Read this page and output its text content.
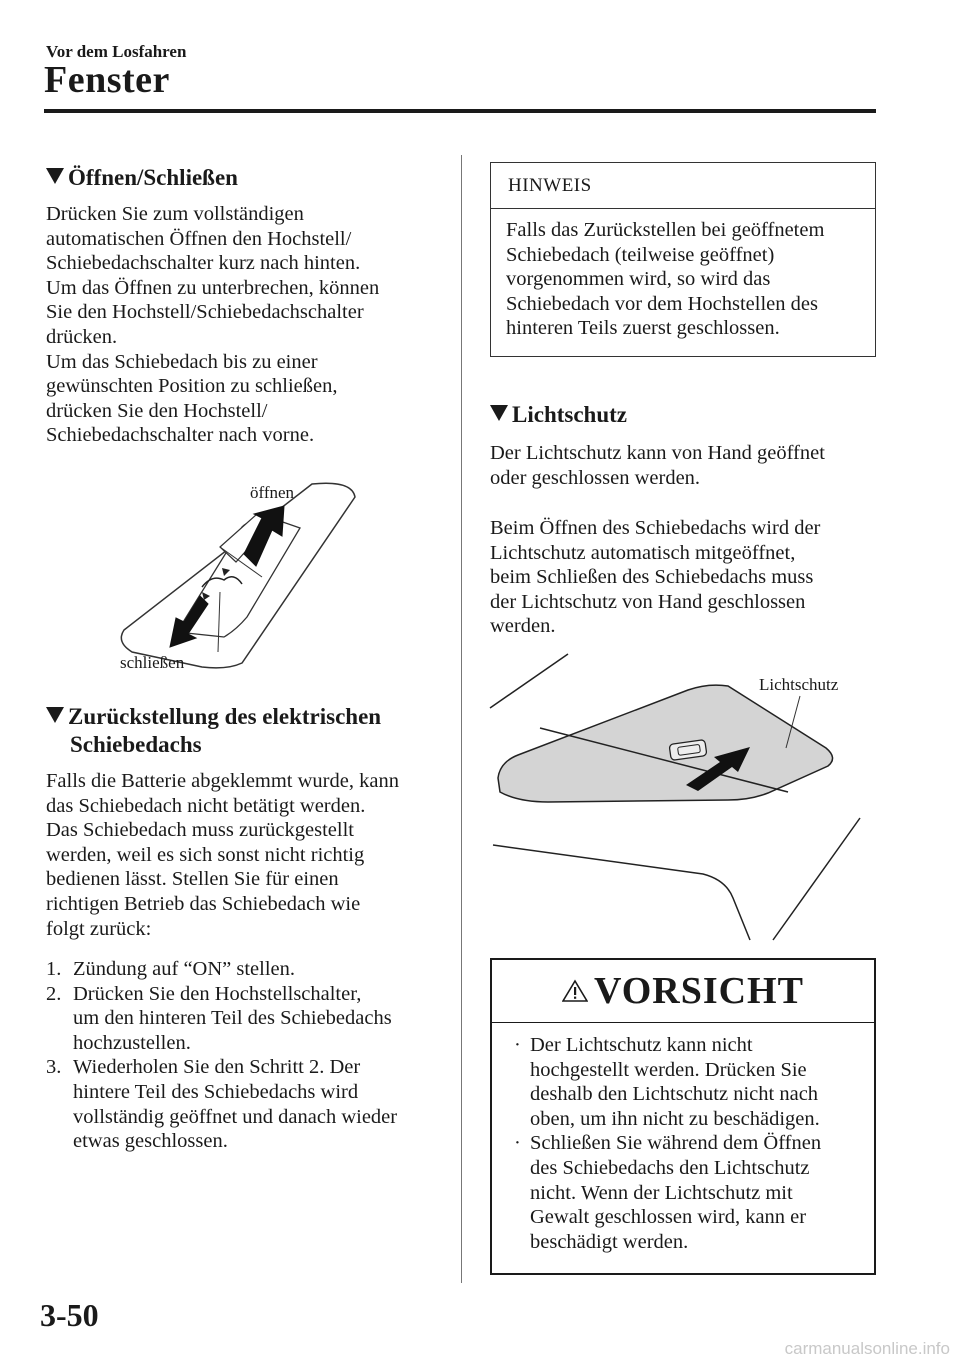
Vor dem Losfahren
Fenster
Öffnen/Schließen

Drücken Sie zum vollständigen

automatischen Öffnen den Hochstell/

Schiebedachschalter kurz nach hinten.

Um das Öffnen zu unterbrechen, können

Sie den Hochstell/Schiebedachschalter

drücken.

Um das Schiebedach bis zu einer

gewünschten Position zu schließen,

drücken Sie den Hochstell/

Schiebedachschalter nach vorne.

öffnen
schließen
Zurückstellung des elektrischen
Schiebedachs

Falls die Batterie abgeklemmt wurde, kann

das Schiebedach nicht betätigt werden.

Das Schiebedach muss zurückgestellt

werden, weil es sich sonst nicht richtig

bedienen lässt. Stellen Sie für einen

richtigen Betrieb das Schiebedach wie

folgt zurück:

1. Zündung auf “ON” stellen.

2. Drücken Sie den Hochstellschalter,

um den hinteren Teil des Schiebedachs

hochzustellen.

3. Wiederholen Sie den Schritt 2. Der

hintere Teil des Schiebedachs wird

vollständig geöffnet und danach wieder

etwas geschlossen.

HINWEIS

Falls das Zurückstellen bei geöffnetem

Schiebedach (teilweise geöffnet)

vorgenommen wird, so wird das

Schiebedach vor dem Hochstellen des

hinteren Teils zuerst geschlossen.

Lichtschutz

Der Lichtschutz kann von Hand geöffnet

oder geschlossen werden.

Beim Öffnen des Schiebedachs wird der

Lichtschutz automatisch mitgeöffnet,

beim Schließen des Schiebedachs muss

der Lichtschutz von Hand geschlossen

werden.

Lichtschutz
VORSICHT
· Der Lichtschutz kann nicht

hochgestellt werden. Drücken Sie

deshalb den Lichtschutz nicht nach

oben, um ihn nicht zu beschädigen.

· Schließen Sie während dem Öffnen

des Schiebedachs den Lichtschutz

nicht. Wenn der Lichtschutz mit

Gewalt geschlossen wird, kann er

beschädigt werden.

3-50
carmanualsonline.info
